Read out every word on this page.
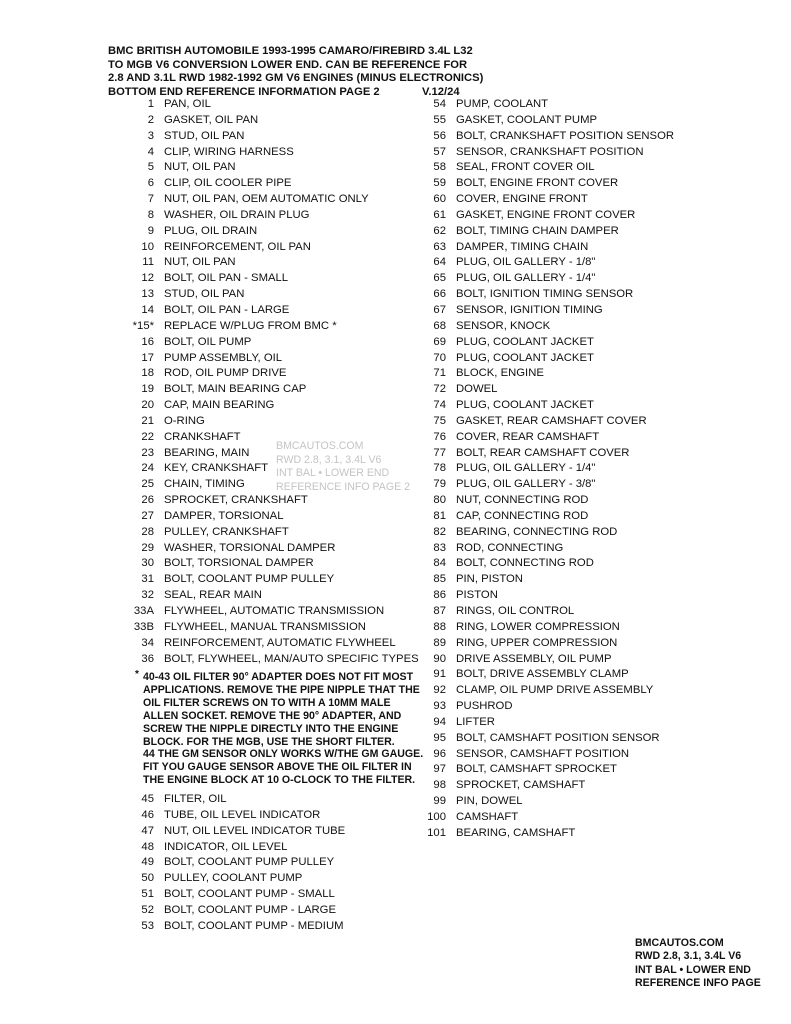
BMC BRITISH AUTOMOBILE 1993-1995 CAMARO/FIREBIRD 3.4L L32
TO MGB V6 CONVERSION LOWER END. CAN BE REFERENCE FOR
2.8 AND 3.1L RWD 1982-1992 GM V6 ENGINES (MINUS ELECTRONICS)
BOTTOM END REFERENCE INFORMATION PAGE 2	V.12/24
1 PAN, OIL
2 GASKET, OIL PAN
3 STUD, OIL PAN
4 CLIP, WIRING HARNESS
5 NUT, OIL PAN
6 CLIP, OIL COOLER PIPE
7 NUT, OIL PAN, OEM AUTOMATIC ONLY
8 WASHER, OIL DRAIN PLUG
9 PLUG, OIL DRAIN
10 REINFORCEMENT, OIL PAN
11 NUT, OIL PAN
12 BOLT, OIL PAN - SMALL
13 STUD, OIL PAN
14 BOLT, OIL PAN - LARGE
*15* REPLACE W/PLUG FROM BMC *
16 BOLT, OIL PUMP
17 PUMP ASSEMBLY, OIL
18 ROD, OIL PUMP DRIVE
19 BOLT, MAIN BEARING CAP
20 CAP, MAIN BEARING
21 O-RING
22 CRANKSHAFT
23 BEARING, MAIN
24 KEY, CRANKSHAFT
25 CHAIN, TIMING
26 SPROCKET, CRANKSHAFT
27 DAMPER, TORSIONAL
28 PULLEY, CRANKSHAFT
29 WASHER, TORSIONAL DAMPER
30 BOLT, TORSIONAL DAMPER
31 BOLT, COOLANT PUMP PULLEY
32 SEAL, REAR MAIN
33A FLYWHEEL, AUTOMATIC TRANSMISSION
33B FLYWHEEL, MANUAL TRANSMISSION
34 REINFORCEMENT, AUTOMATIC FLYWHEEL
36 BOLT, FLYWHEEL, MAN/AUTO SPECIFIC TYPES
* 40-43 OIL FILTER 90° ADAPTER DOES NOT FIT MOST

APPLICATIONS. REMOVE THE PIPE NIPPLE THAT THE

OIL FILTER SCREWS ON TO WITH A 10MM MALE

ALLEN SOCKET. REMOVE THE 90° ADAPTER, AND

SCREW THE NIPPLE DIRECTLY INTO THE ENGINE

BLOCK. FOR THE MGB, USE THE SHORT FILTER.

44 THE GM SENSOR ONLY WORKS W/THE GM GAUGE.

FIT YOU GAUGE SENSOR ABOVE THE OIL FILTER IN

THE ENGINE BLOCK AT 10 O-CLOCK TO THE FILTER.

45 FILTER, OIL
46 TUBE, OIL LEVEL INDICATOR
47 NUT, OIL LEVEL INDICATOR TUBE
48 INDICATOR, OIL LEVEL
49 BOLT, COOLANT PUMP PULLEY
50 PULLEY, COOLANT PUMP
51 BOLT, COOLANT PUMP - SMALL
52 BOLT, COOLANT PUMP - LARGE
53 BOLT, COOLANT PUMP - MEDIUM
54 PUMP, COOLANT
55 GASKET, COOLANT PUMP
56 BOLT, CRANKSHAFT POSITION SENSOR
57 SENSOR, CRANKSHAFT POSITION
58 SEAL, FRONT COVER OIL
59 BOLT, ENGINE FRONT COVER
60 COVER, ENGINE FRONT
61 GASKET, ENGINE FRONT COVER
62 BOLT, TIMING CHAIN DAMPER
63 DAMPER, TIMING CHAIN
64 PLUG, OIL GALLERY - 1/8"
65 PLUG, OIL GALLERY - 1/4"
66 BOLT, IGNITION TIMING SENSOR
67 SENSOR, IGNITION TIMING
68 SENSOR, KNOCK
69 PLUG, COOLANT JACKET
70 PLUG, COOLANT JACKET
71 BLOCK, ENGINE
72 DOWEL
74 PLUG, COOLANT JACKET
75 GASKET, REAR CAMSHAFT COVER
76 COVER, REAR CAMSHAFT
77 BOLT, REAR CAMSHAFT COVER
78 PLUG, OIL GALLERY - 1/4"
79 PLUG, OIL GALLERY - 3/8"
80 NUT, CONNECTING ROD
81 CAP, CONNECTING ROD
82 BEARING, CONNECTING ROD
83 ROD, CONNECTING
84 BOLT, CONNECTING ROD
85 PIN, PISTON
86 PISTON
87 RINGS, OIL CONTROL
88 RING, LOWER COMPRESSION
89 RING, UPPER COMPRESSION
90 DRIVE ASSEMBLY, OIL PUMP
91 BOLT, DRIVE ASSEMBLY CLAMP
92 CLAMP, OIL PUMP DRIVE ASSEMBLY
93 PUSHROD
94 LIFTER
95 BOLT, CAMSHAFT POSITION SENSOR
96 SENSOR, CAMSHAFT POSITION
97 BOLT, CAMSHAFT SPROCKET
98 SPROCKET, CAMSHAFT
99 PIN, DOWEL
100 CAMSHAFT
101 BEARING, CAMSHAFT
BMCAUTOS.COM
RWD 2.8, 3.1, 3.4L V6
INT BAL • LOWER END
REFERENCE INFO PAGE 2
BMCAUTOS.COM
RWD 2.8, 3.1, 3.4L V6
INT BAL • LOWER END
REFERENCE INFO PAGE
